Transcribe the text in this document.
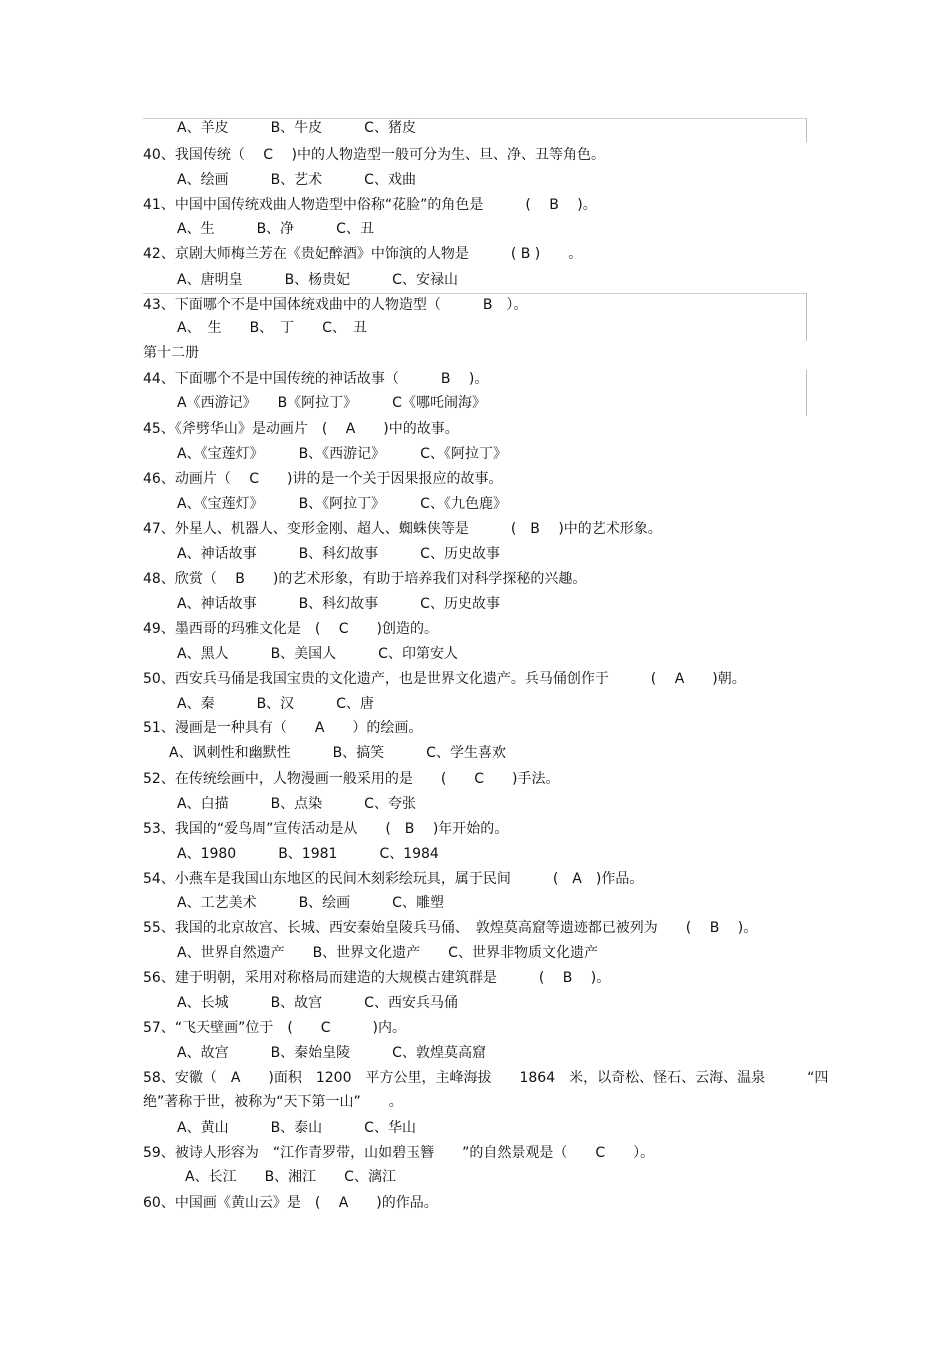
A、羊皮　　　B、牛皮　　　C、猪皮
40、我国传统（　 C　 )中的人物造型一般可分为生、旦、净、丑等角色。
A、绘画　　　B、艺术　　　C、戏曲
41、中国中国传统戏曲人物造型中俗称“花脸”的角色是　　　(　 B　 )。
A、生　　　B、净　　　C、丑
42、京剧大师梅兰芳在《贵妃醉酒》中饰演的人物是　　　( B )　　。
A、唐明皇　　　B、杨贵妃　　　C、安禄山
43、下面哪个不是中国体统戏曲中的人物造型（　　　B　）。
A、　生　　B、　丁　　C、　丑
第十二册
44、下面哪个不是中国传统的神话故事（　　　B　 )。
A《西游记》　　B《阿拉丁》　　　C《哪吒闹海》
45、《斧劈华山》是动画片　(　 A　　)中的故事。
A、《宝莲灯》　　　B、《西游记》　　　C、《阿拉丁》
46、动画片（　 C　　)讲的是一个关于因果报应的故事。
A、《宝莲灯》　　　B、《阿拉丁》　　　C、《九色鹿》
47、外星人、机器人、变形金刚、超人、蜘蛛侠等是　　　(　B　 )中的艺术形象。
A、神话故事　　　B、科幻故事　　　C、历史故事
48、欣赏（　 B　　)的艺术形象，有助于培养我们对科学探秘的兴趣。
A、神话故事　　　B、科幻故事　　　C、历史故事
49、墨西哥的玛雅文化是　(　 C　　)创造的。
A、黑人　　　B、美国人　　　C、印第安人
50、西安兵马俑是我国宝贵的文化遗产，也是世界文化遗产。兵马俑创作于　　　(　 A　　)朝。
A、秦　　　B、汉　　　C、唐
51、漫画是一种具有（　　A　　）的绘画。
A、讽刺性和幽默性　　　B、搞笑　　　C、学生喜欢
52、在传统绘画中，人物漫画一般采用的是　　(　　C　　)手法。
A、白描　　　B、点染　　　C、夸张
53、我国的“爱鸟周”宣传活动是从　　(　B　 )年开始的。
A、1980　　　B、1981　　　C、1984
54、小燕车是我国山东地区的民间木刻彩绘玩具，属于民间　　　(　A　)作品。
A、工艺美术　　　B、绘画　　　C、雕塑
55、我国的北京故宫、长城、西安秦始皇陵兵马俑、　敦煌莫高窟等遗迹都已被列为　　(　 B　 )。
A、世界自然遗产　　B、世界文化遗产　　C、世界非物质文化遗产
56、建于明朝，采用对称格局而建造的大规模古建筑群是　　　(　 B　 )。
A、长城　　　B、故宫　　　C、西安兵马俑
57、“飞天壁画”位于　(　　C　　　)内。
A、故宫　　　B、秦始皇陵　　　C、敦煌莫高窟
58、安徽（　A　　)面积　1200　平方公里，主峰海拔　　1864　米，以奇松、怪石、云海、温泉　　　“四
绝”著称于世，被称为“天下第一山”　　。
A、黄山　　　B、泰山　　　C、华山
59、被诗人形容为　“江作青罗带，山如碧玉簪　　”的自然景观是（　　C　　）。
A、长江　　B、湘江　　C、漓江
60、中国画《黄山云》是　(　 A　　)的作品。
